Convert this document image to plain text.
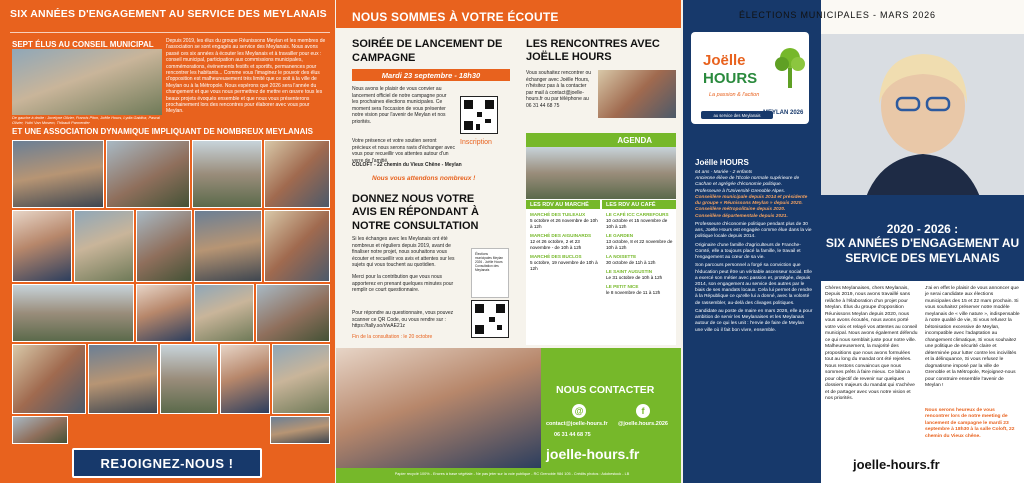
SIX ANNÉES D'ENGAGEMENT AU SERVICE DES MEYLANAIS
SEPT ÉLUS AU CONSEIL MUNICIPAL Depuis 2019, les élus du groupe Réunissons Meylan et les membres de l'association se sont engagés au service des Meylanais. Nous avons passé ces six années à écouter les Meylanais et à travailler pour eux : conseil municipal, participation aux commissions municipales, commémorations, événements festifs et sportifs, permanences pour rencontrer les habitants... Comme vous l'imaginez le pouvoir des élus d'opposition est malheureusement très limité que ce soit à la ville de Meylan ou à la Métropole. Nous espérons que 2026 sera l'année du changement et que vous nous permettrez de mettre en œuvre tous les beaux projets évoqués ensemble et que nous vous présenterons prochainement lors des rencontres pour élaborer avec vous pour Meylan.
De gauche à droite : Jocelyne Olivier, Francis Piton, Joëlle Hours, Lydia Gaidioz, Pascal Olivier, Yuthi Van Mosern, Thibault Parmentier
ET UNE ASSOCIATION DYNAMIQUE IMPLIQUANT DE NOMBREUX MEYLANAIS
REJOIGNEZ-NOUS !
NOUS SOMMES À VOTRE ÉCOUTE
SOIRÉE DE LANCEMENT DE CAMPAGNE
Mardi 23 septembre - 18h30
Nous avons le plaisir de vous convier au lancement officiel de notre campagne pour les prochaines élections municipales. Ce moment sera l'occasion de vous présenter notre vision pour l'avenir de Meylan et nos priorités.
Inscription
Votre présence et votre soutien seront précieux et nous serons ravis d'échanger avec vous pour recueillir vos attentes autour d'un verre de l'amitié.
COLOFT - 22 chemin du Vieux Chêne - Meylan
Nous vous attendons nombreux !
DONNEZ NOUS VOTRE AVIS EN RÉPONDANT À NOTRE CONSULTATION
Si les échanges avec les Meylanais ont été nombreux et réguliers depuis 2019, avant de finaliser notre projet, nous souhaitons vous écouter et recueillir vos avis et attentes sur les sujets qui vous touchent au quotidien.
Élections municipales Meylan 2026 - Joëlle Hours Consultation des Meylanais
Merci pour la contribution que vous nous apporterez en prenant quelques minutes pour remplir ce court questionnaire.
Pour répondre au questionnaire, vous pouvez scanner ce QR Code, ou vous rendre sur : https://tally.so/r/wAE21z
Fin de la consultation : le 20 octobre
LES RENCONTRES AVEC JOËLLE HOURS
Vous souhaitez rencontrer ou échanger avec Joëlle Hours, n'hésitez pas à la contacter par mail à contact@joelle-hours.fr ou par téléphone au 06 31 44 68 75
AGENDA
LES RDV AU MARCHÉ	LES RDV AU CAFÉ
MARCHÉ DES TUILEAUX
5 octobre et 26 novembre de 10h à 12h
MARCHÉ DES AIGUINARDS
12 et 26 octobre, 2 et 23 novembre - de 10h à 12h
MARCHÉ DES BUCLOS
5 octobre, 19 novembre de 10h à 12h
LE CAFÉ ICC CARREFOURS
10 octobre et 15 novembre de 10h à 12h
LE GARDEN
13 octobre, 8 et 22 novembre de 10h à 12h
LA NOISETTE
30 octobre de 11h à 12h
LE SAINT AUGUSTIN
Le 31 octobre de 10h à 12h
LE PETIT NICE
le 8 novembre de 11 à 12h
NOUS CONTACTER
@	f
contact@joelle-hours.fr
06 31 44 68 75
@joelle.hours.2026
joelle-hours.fr
Papier recyclé 100% - Encres à base végétale - Ne pas jeter sur la voie publique - RC Grenoble 984 105 - Crédits photos : Adobestock - LB
ÉLECTIONS MUNICIPALES - MARS 2026
Joëlle
HOURS
La passion & l'action
au service des Meylanais MEYLAN 2026
Joëlle HOURS
64 ans - Mariée - 2 enfants
Ancienne élève de l'École normale supérieure de Cachan et agrégée d'économie politique.
Professeure à l'Université Grenoble Alpes.
Conseillère municipale depuis 2014 et présidente du groupe « Réunissons Meylan » depuis 2020.
Conseillère métropolitaine depuis 2020.
Conseillère départementale depuis 2021.
Professeure d'économie politique pendant plus de 30 ans, Joëlle Hours est engagée comme élue dans la vie politique locale depuis 2014.
Originaire d'une famille d'agriculteurs de Franche-Comté, elle a toujours placé la famille, le travail et l'engagement au cœur de sa vie.
Son parcours personnel a forgé sa conviction que l'éducation peut être un véritable ascenseur social. Elle a exercé son métier avec passion et, protégée, depuis 2014, son engagement au service des autres par le biais de ses mandats locaux. Cela lui permet de rendre à la République ce qu'elle lui a donné, avec la volonté de rassembler, au-delà des clivages politiques.
Candidate au poste de maire en mars 2026, elle a pour ambition de servir les Meylanaises et les Meylanais autour de ce qui les unit : l'envie de faire de Meylan une ville où il fait bon vivre, ensemble.
2020 - 2026 :
SIX ANNÉES D'ENGAGEMENT AU SERVICE DES MEYLANAIS
Chères Meylanaises, chers Meylanais, Depuis 2019, nous avons travaillé sans relâche à l'élaboration d'un projet pour Meylan. Élus du groupe d'opposition Réunissons Meylan depuis 2020, nous vous avons écoutés, nous avons porté votre voix et relayé vos attentes au conseil municipal. Nous avons également défendu ce qui nous semblait juste pour notre ville. Malheureusement, la majorité des propositions que nous avons formulées tout au long du mandat ont été rejetées. Nous restons convaincus que nous sommes prêts à faire mieux. Ce bilan a pour objectif de revenir sur quelques dossiers majeurs du mandat qui s'achève et de partager avec vous notre vision et nos priorités.
J'ai en effet le plaisir de vous annoncer que je serai candidate aux élections municipales des 15 et 22 mars prochain. Si vous souhaitez préserver notre modèle meylanais de « ville nature », indispensable à notre qualité de vie, Si vous refusez la bétonisation excessive de Meylan, incompatible avec l'adaptation au changement climatique, Si vous souhaitez une politique de sécurité claire et déterminée pour lutter contre les incivilités et la délinquance, Si vous refusez le dogmatisme imposé par la ville de Grenoble et la Métropole, Rejoignez-nous pour construire ensemble l'avenir de Meylan !
Nous serons heureux de vous rencontrer lors de notre meeting de lancement de campagne le mardi 23 septembre à 18h30 à la salle Coloft, 22 chemin du Vieux chêne.
joelle-hours.fr
